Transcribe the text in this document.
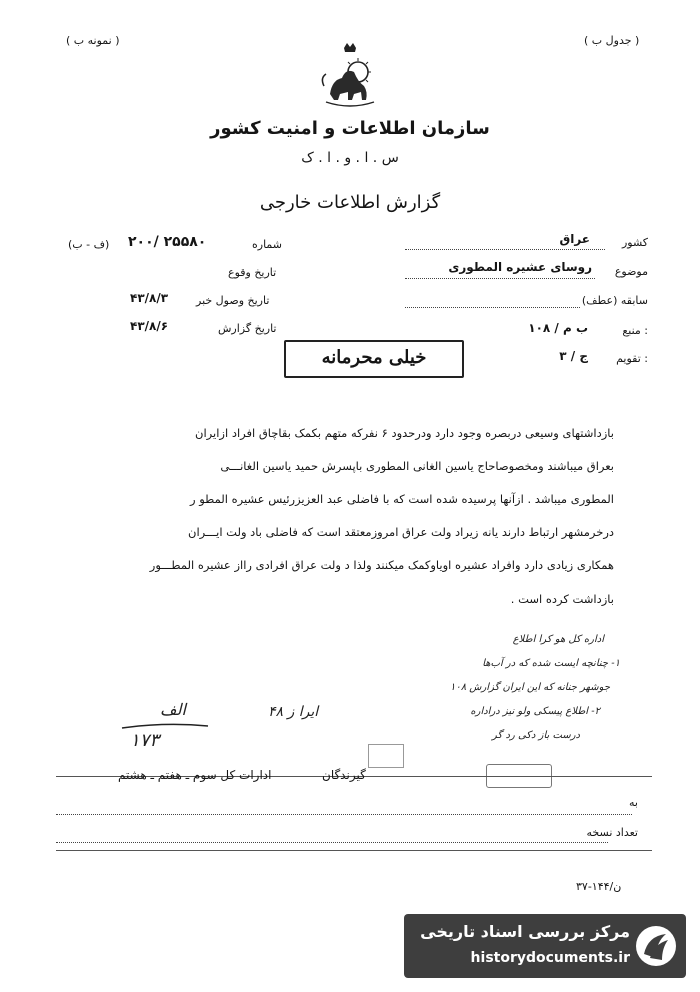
( نمونه ب )	( جدول ب )
سازمان اطلاعات و امنیت کشور
س . ا . و . ا . ک
گزارش اطلاعات خارجی
کشور
عراق
موضوع
روسای عشیره المطوری
سابقه (عطف)
منبع :
۱۰۸ / ب م
تقویم :
ج / ۳
شماره
۲۰۰/ ۲۵۵۸۰
(ف - ب)
تاریخ وقوع
تاریخ وصول خبر
۴۳/۸/۳
تاریخ گزارش
۴۳/۸/۶
خیلی محرمانه
بازداشتهای وسیعی دربصره وجود دارد ودرحدود ۶ نفرکه متهم بکمک بقاچاق افراد ازایران
بعراق میباشند ومخصوصاحاج یاسین الغانی المطوری باپسرش حمید یاسین الغانـــی
المطوری میباشد . ازآنها پرسیده شده است که با فاضلی عبد العزیزرئیس عشیره المطو ر
درخرمشهر ارتباط دارند یانه زیراد ولت عراق امروزمعتقد است که فاضلی باد ولت ایـــران
همکاری زیادی دارد وافراد عشیره اویاوکمک میکنند ولذا د ولت عراق افرادی رااز عشیره المطـــور
بازداشت کرده است .
اداره کل هو کرا اطلاع
۱- چنانچه ایست شده که در آب‌ها
جوشهر جنانه که این ایران گزارش ۱۰۸
۲- اطلاع پیسکی ولو نیز دراداره
درست باز دکی رد گر
الف
۱۷۳
ایرا ز ۴۸
گیرندگان
ادارات کل سوم ـ هفتم ـ هشتم
به
تعداد نسخه
۳۷-۱۴۴/ن
مرکز بررسی اسناد تاریخی
historydocuments.ir
